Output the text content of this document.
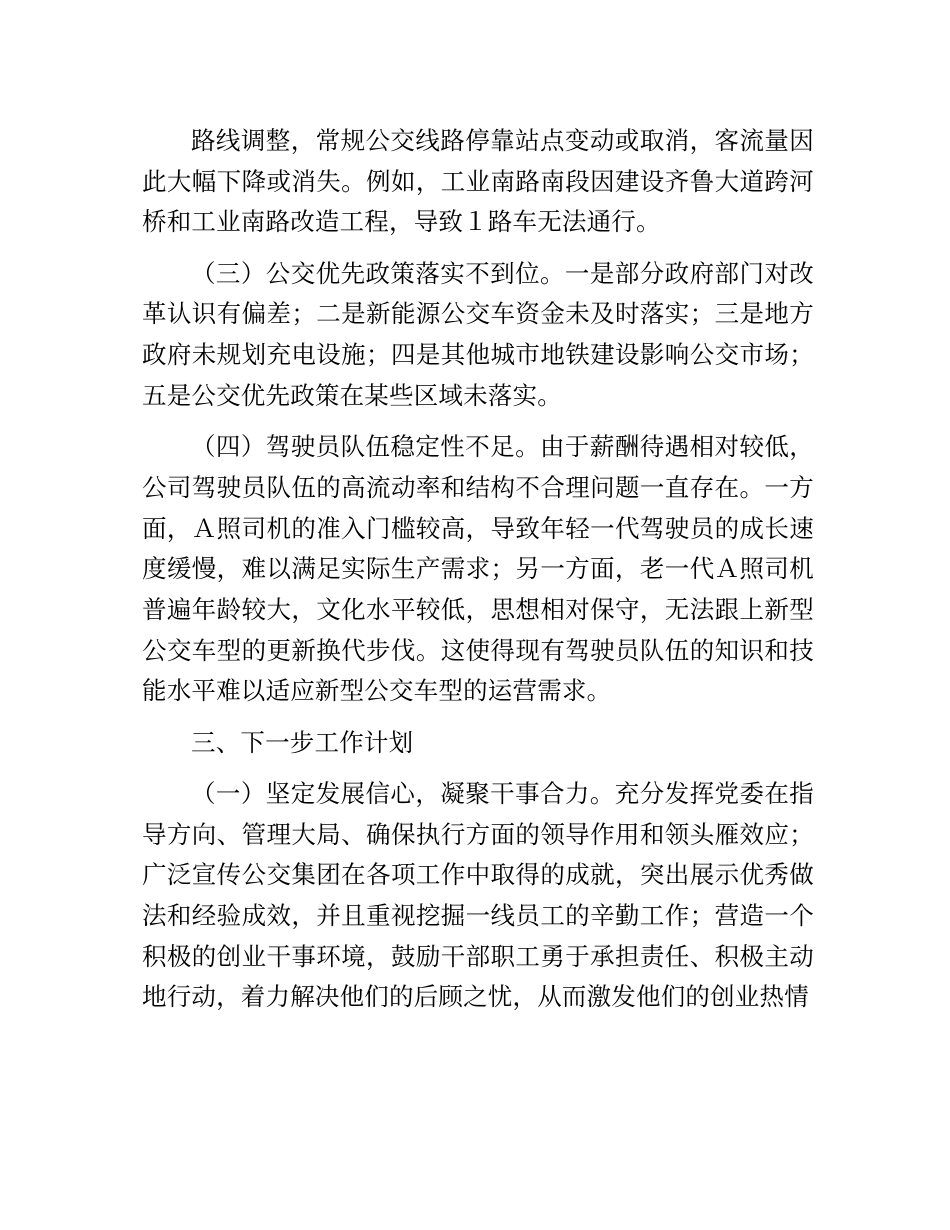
路线调整，常规公交线路停靠站点变动或取消，客流量因此大幅下降或消失。例如，工业南路南段因建设齐鲁大道跨河桥和工业南路改造工程，导致１路车无法通行。

（三）公交优先政策落实不到位。一是部分政府部门对改革认识有偏差；二是新能源公交车资金未及时落实；三是地方政府未规划充电设施；四是其他城市地铁建设影响公交市场；五是公交优先政策在某些区域未落实。

（四）驾驶员队伍稳定性不足。由于薪酬待遇相对较低，公司驾驶员队伍的高流动率和结构不合理问题一直存在。一方面，Ａ照司机的准入门槛较高，导致年轻一代驾驶员的成长速度缓慢，难以满足实际生产需求；另一方面，老一代Ａ照司机普遍年龄较大，文化水平较低，思想相对保守，无法跟上新型公交车型的更新换代步伐。这使得现有驾驶员队伍的知识和技能水平难以适应新型公交车型的运营需求。

三、下一步工作计划

（一）坚定发展信心，凝聚干事合力。充分发挥党委在指导方向、管理大局、确保执行方面的领导作用和领头雁效应；广泛宣传公交集团在各项工作中取得的成就，突出展示优秀做法和经验成效，并且重视挖掘一线员工的辛勤工作；营造一个积极的创业干事环境，鼓励干部职工勇于承担责任、积极主动地行动，着力解决他们的后顾之忧，从而激发他们的创业热情
